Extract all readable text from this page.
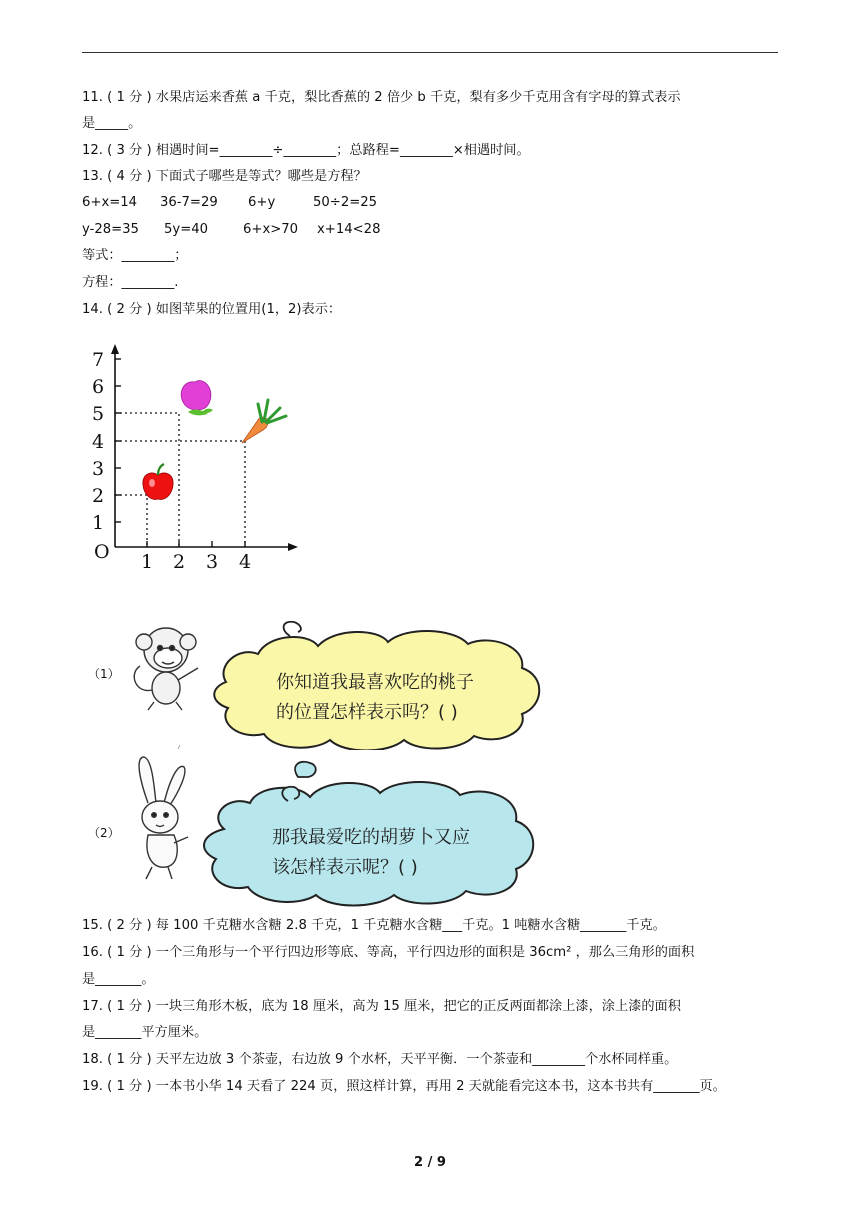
11. ( 1 分 ) 水果店运来香蕉 a 千克，梨比香蕉的 2 倍少 b 千克，梨有多少千克用含有字母的算式表示
是_____。
12. ( 3 分 ) 相遇时间=________÷________；总路程=________×相遇时间。
13. ( 4 分 ) 下面式子哪些是等式？哪些是方程？
6+x=14 36-7=29 6+y	50÷2=25
y-28=35 5y=40	6+x>70 x+14<28
等式：________；
方程：________.
14. ( 2 分 ) 如图苹果的位置用(1，2)表示：
7
6
5
4
3
2
1
O 1 2 3 4
（1）	你知道我最喜欢吃的桃子
的位置怎样表示吗？( )
（2）	那我最爱吃的胡萝卜又应
该怎样表示呢？( )
15. ( 2 分 ) 每 100 千克糖水含糖 2.8 千克，1 千克糖水含糖___千克。1 吨糖水含糖_______千克。
16. ( 1 分 ) 一个三角形与一个平行四边形等底、等高，平行四边形的面积是 36cm² ，那么三角形的面积
是_______。
17. ( 1 分 ) 一块三角形木板，底为 18 厘米，高为 15 厘米，把它的正反两面都涂上漆，涂上漆的面积
是_______平方厘米。
18. ( 1 分 ) 天平左边放 3 个茶壶，右边放 9 个水杯，天平平衡．一个茶壶和________个水杯同样重。
19. ( 1 分 ) 一本书小华 14 天看了 224 页，照这样计算，再用 2 天就能看完这本书，这本书共有_______页。
2 / 9
